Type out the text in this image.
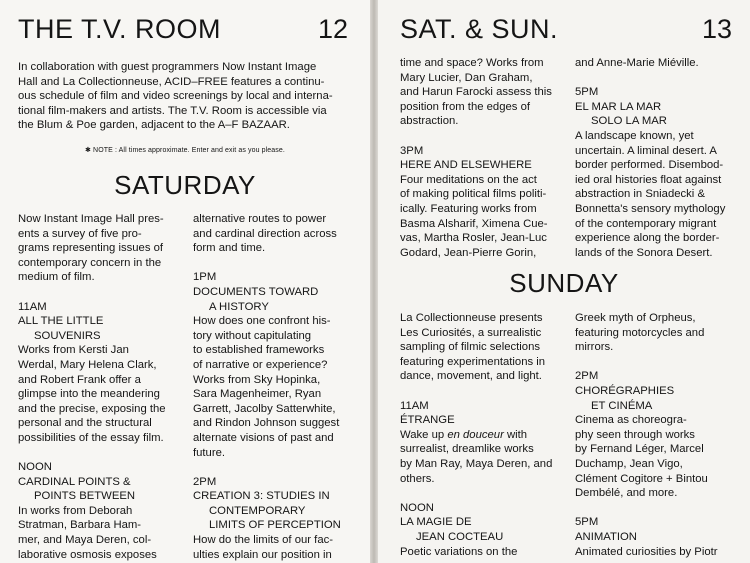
THE T.V. ROOM	12
In collaboration with guest programmers Now Instant Image
Hall and La Collectionneuse, ACID–FREE features a continu-
ous schedule of film and video screenings by local and interna-
tional film-makers and artists. The T.V. Room is accessible via
the Blum & Poe garden, adjacent to the A–F BAZAAR.
✱ NOTE : All times approximate. Enter and exit as you please.
SATURDAY

Now Instant Image Hall pres-

ents a survey of five pro-

grams representing issues of

contemporary concern in the

medium of film.

11AM

ALL THE LITTLE

SOUVENIRS

Works from Kersti Jan

Werdal, Mary Helena Clark,

and Robert Frank offer a

glimpse into the meandering

and the precise, exposing the

personal and the structural

possibilities of the essay film.

NOON

CARDINAL POINTS &

POINTS BETWEEN

In works from Deborah

Stratman, Barbara Ham-

mer, and Maya Deren, col-

laborative osmosis exposes

alternative routes to power

and cardinal direction across

form and time.

1PM

DOCUMENTS TOWARD

A HISTORY

How does one confront his-

tory without capitulating

to established frameworks

of narrative or experience?

Works from Sky Hopinka,

Sara Magenheimer, Ryan

Garrett, Jacolby Satterwhite,

and Rindon Johnson suggest

alternate visions of past and

future.

2PM

CREATION 3: STUDIES IN

CONTEMPORARY

LIMITS OF PERCEPTION

How do the limits of our fac-

ulties explain our position in

SAT. & SUN.	13

time and space? Works from

Mary Lucier, Dan Graham,

and Harun Farocki assess this

position from the edges of

abstraction.

3PM

HERE AND ELSEWHERE

Four meditations on the act

of making political films politi-

ically. Featuring works from

Basma Alsharif, Ximena Cue-

vas, Martha Rosler, Jean-Luc

Godard, Jean-Pierre Gorin,

and Anne-Marie Miéville.

5PM

EL MAR LA MAR

SOLO LA MAR

A landscape known, yet

uncertain. A liminal desert. A

border performed. Disembod-

ied oral histories float against

abstraction in Sniadecki &

Bonnetta's sensory mythology

of the contemporary migrant

experience along the border-

lands of the Sonora Desert.

SUNDAY

La Collectionneuse presents

Les Curiosités, a surrealistic

sampling of filmic selections

featuring experimentations in

dance, movement, and light.

11AM

ÉTRANGE

Wake up en douceur with

surrealist, dreamlike works

by Man Ray, Maya Deren, and

others.

NOON

LA MAGIE DE

JEAN COCTEAU

Poetic variations on the

Greek myth of Orpheus,

featuring motorcycles and

mirrors.

2PM

CHORÉGRAPHIES

ET CINÉMA

Cinema as choreogra-

phy seen through works

by Fernand Léger, Marcel

Duchamp, Jean Vigo,

Clément Cogitore + Bintou

Dembélé, and more.

5PM

ANIMATION

Animated curiosities by Piotr
